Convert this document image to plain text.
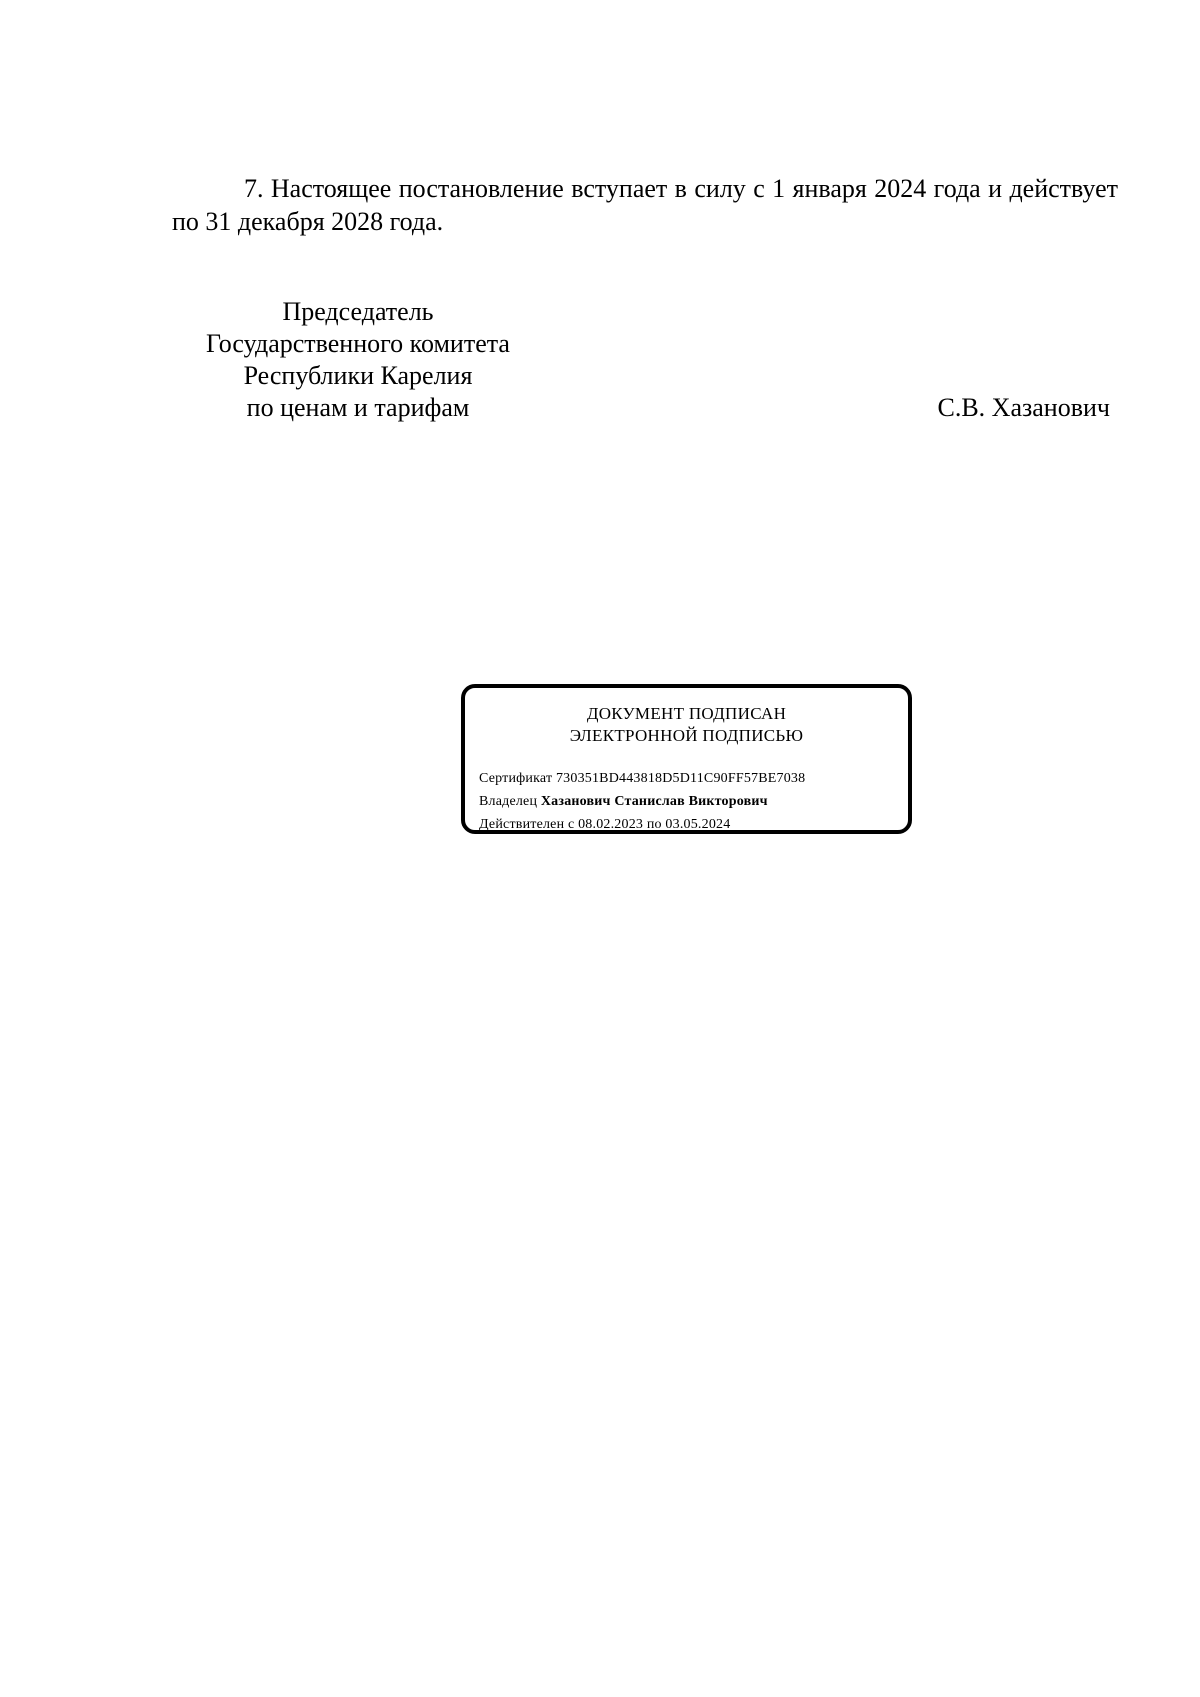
7. Настоящее постановление вступает в силу с 1 января 2024 года и действует по 31 декабря 2028 года.

Председатель
Государственного комитета
Республики Карелия
по ценам и тарифам	С.В. Хазанович
ДОКУМЕНТ ПОДПИСАН
ЭЛЕКТРОННОЙ ПОДПИСЬЮ
Сертификат 730351BD443818D5D11C90FF57BE7038
Владелец Хазанович Станислав Викторович
Действителен с 08.02.2023 по 03.05.2024
